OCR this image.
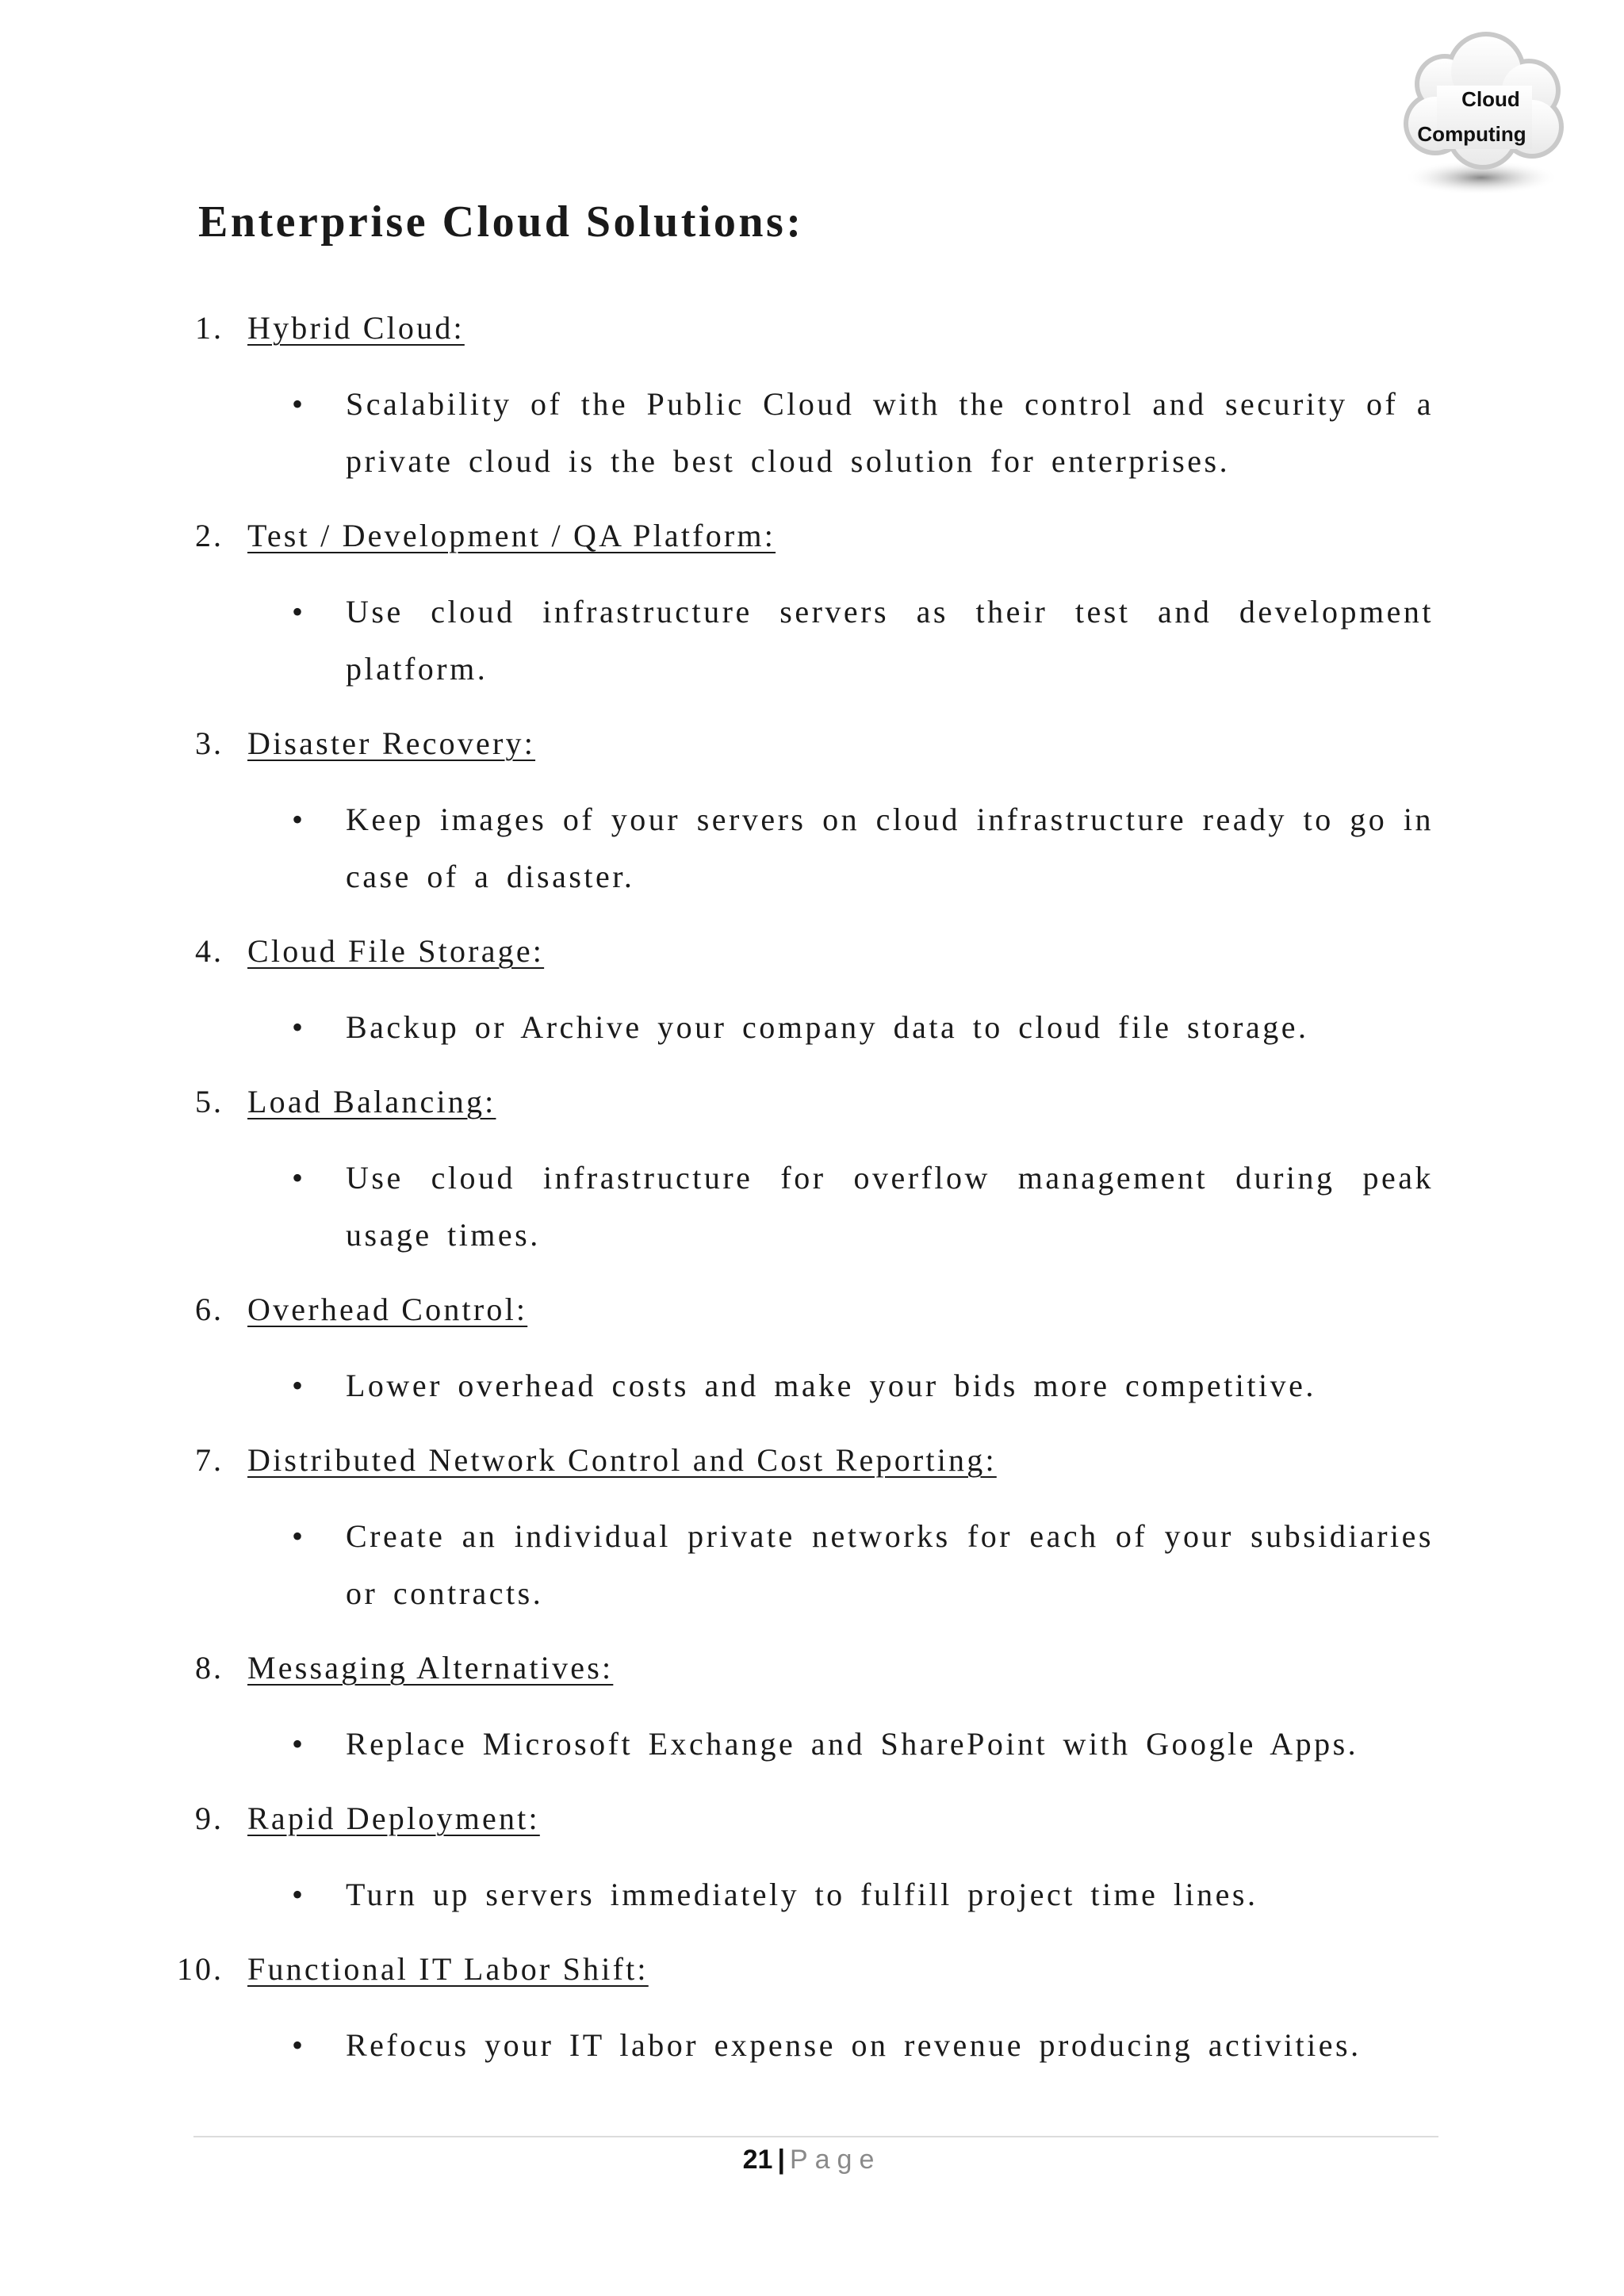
Cloud
Computing
Enterprise Cloud Solutions:
1. Hybrid Cloud:
• Scalability of the Public Cloud with the control and security of a private cloud is the best cloud solution for enterprises.
2. Test / Development / QA Platform:
• Use cloud infrastructure servers as their test and development platform.
3. Disaster Recovery:
• Keep images of your servers on cloud infrastructure ready to go in case of a disaster.
4. Cloud File Storage:
• Backup or Archive your company data to cloud file storage.
5. Load Balancing:
• Use cloud infrastructure for overflow management during peak usage times.
6. Overhead Control:
• Lower overhead costs and make your bids more competitive.
7. Distributed Network Control and Cost Reporting:
• Create an individual private networks for each of your subsidiaries or contracts.
8. Messaging Alternatives:
• Replace Microsoft Exchange and SharePoint with Google Apps.
9. Rapid Deployment:
• Turn up servers immediately to fulfill project time lines.
10. Functional IT Labor Shift:
• Refocus your IT labor expense on revenue producing activities.
21 | Page
